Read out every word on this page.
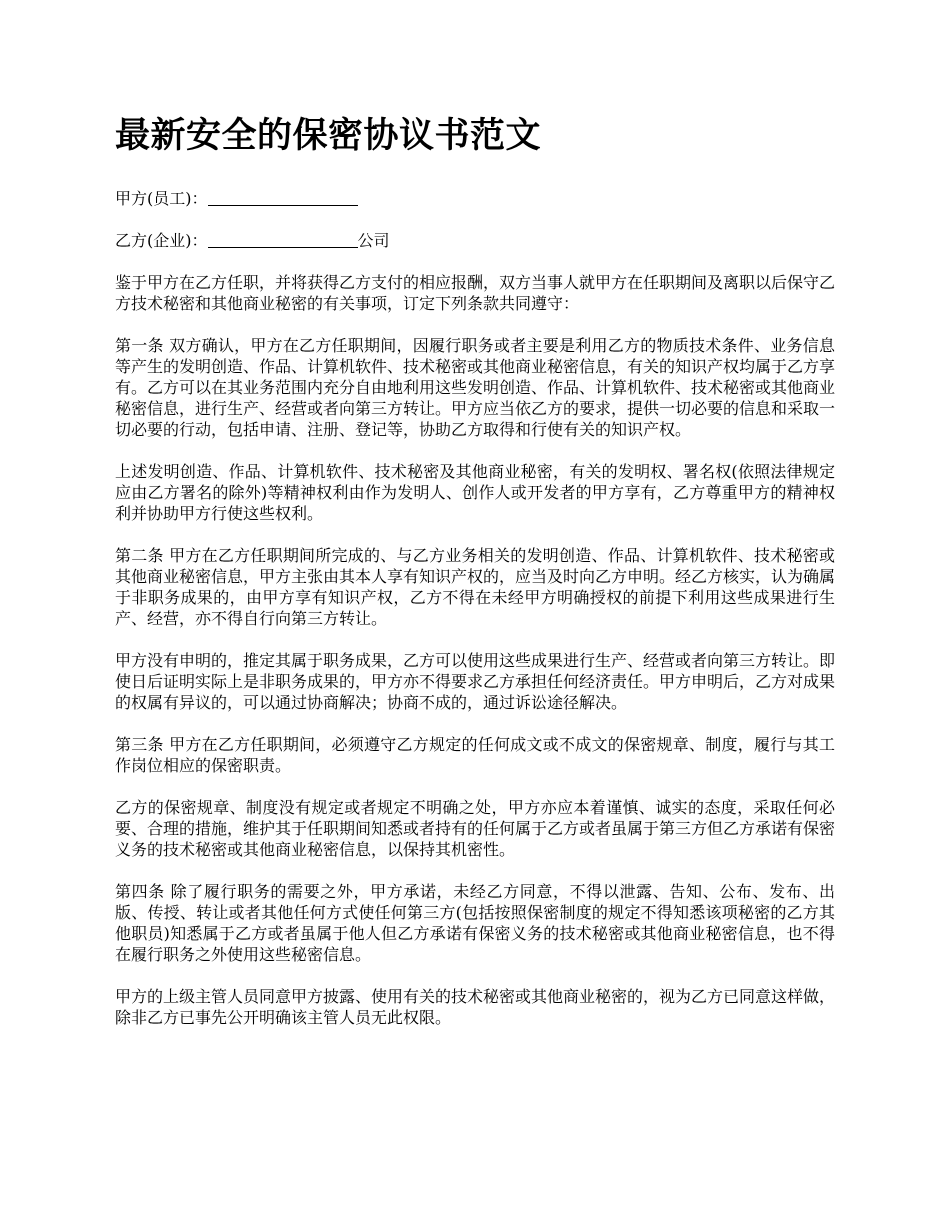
最新安全的保密协议书范文

甲方(员工)：

乙方(企业)：	公司

鉴于甲方在乙方任职，并将获得乙方支付的相应报酬，双方当事人就甲方在任职期间及离职以后保守乙方技术秘密和其他商业秘密的有关事项，订定下列条款共同遵守：

第一条 双方确认，甲方在乙方任职期间，因履行职务或者主要是利用乙方的物质技术条件、业务信息等产生的发明创造、作品、计算机软件、技术秘密或其他商业秘密信息，有关的知识产权均属于乙方享有。乙方可以在其业务范围内充分自由地利用这些发明创造、作品、计算机软件、技术秘密或其他商业秘密信息，进行生产、经营或者向第三方转让。甲方应当依乙方的要求，提供一切必要的信息和采取一切必要的行动，包括申请、注册、登记等，协助乙方取得和行使有关的知识产权。

上述发明创造、作品、计算机软件、技术秘密及其他商业秘密，有关的发明权、署名权(依照法律规定应由乙方署名的除外)等精神权利由作为发明人、创作人或开发者的甲方享有，乙方尊重甲方的精神权利并协助甲方行使这些权利。

第二条 甲方在乙方任职期间所完成的、与乙方业务相关的发明创造、作品、计算机软件、技术秘密或其他商业秘密信息，甲方主张由其本人享有知识产权的，应当及时向乙方申明。经乙方核实，认为确属于非职务成果的，由甲方享有知识产权，乙方不得在未经甲方明确授权的前提下利用这些成果进行生产、经营，亦不得自行向第三方转让。

甲方没有申明的，推定其属于职务成果，乙方可以使用这些成果进行生产、经营或者向第三方转让。即使日后证明实际上是非职务成果的，甲方亦不得要求乙方承担任何经济责任。甲方申明后，乙方对成果的权属有异议的，可以通过协商解决；协商不成的，通过诉讼途径解决。

第三条 甲方在乙方任职期间，必须遵守乙方规定的任何成文或不成文的保密规章、制度，履行与其工作岗位相应的保密职责。

乙方的保密规章、制度没有规定或者规定不明确之处，甲方亦应本着谨慎、诚实的态度，采取任何必要、合理的措施，维护其于任职期间知悉或者持有的任何属于乙方或者虽属于第三方但乙方承诺有保密义务的技术秘密或其他商业秘密信息，以保持其机密性。

第四条 除了履行职务的需要之外，甲方承诺，未经乙方同意，不得以泄露、告知、公布、发布、出版、传授、转让或者其他任何方式使任何第三方(包括按照保密制度的规定不得知悉该项秘密的乙方其他职员)知悉属于乙方或者虽属于他人但乙方承诺有保密义务的技术秘密或其他商业秘密信息，也不得在履行职务之外使用这些秘密信息。

甲方的上级主管人员同意甲方披露、使用有关的技术秘密或其他商业秘密的，视为乙方已同意这样做，除非乙方已事先公开明确该主管人员无此权限。
